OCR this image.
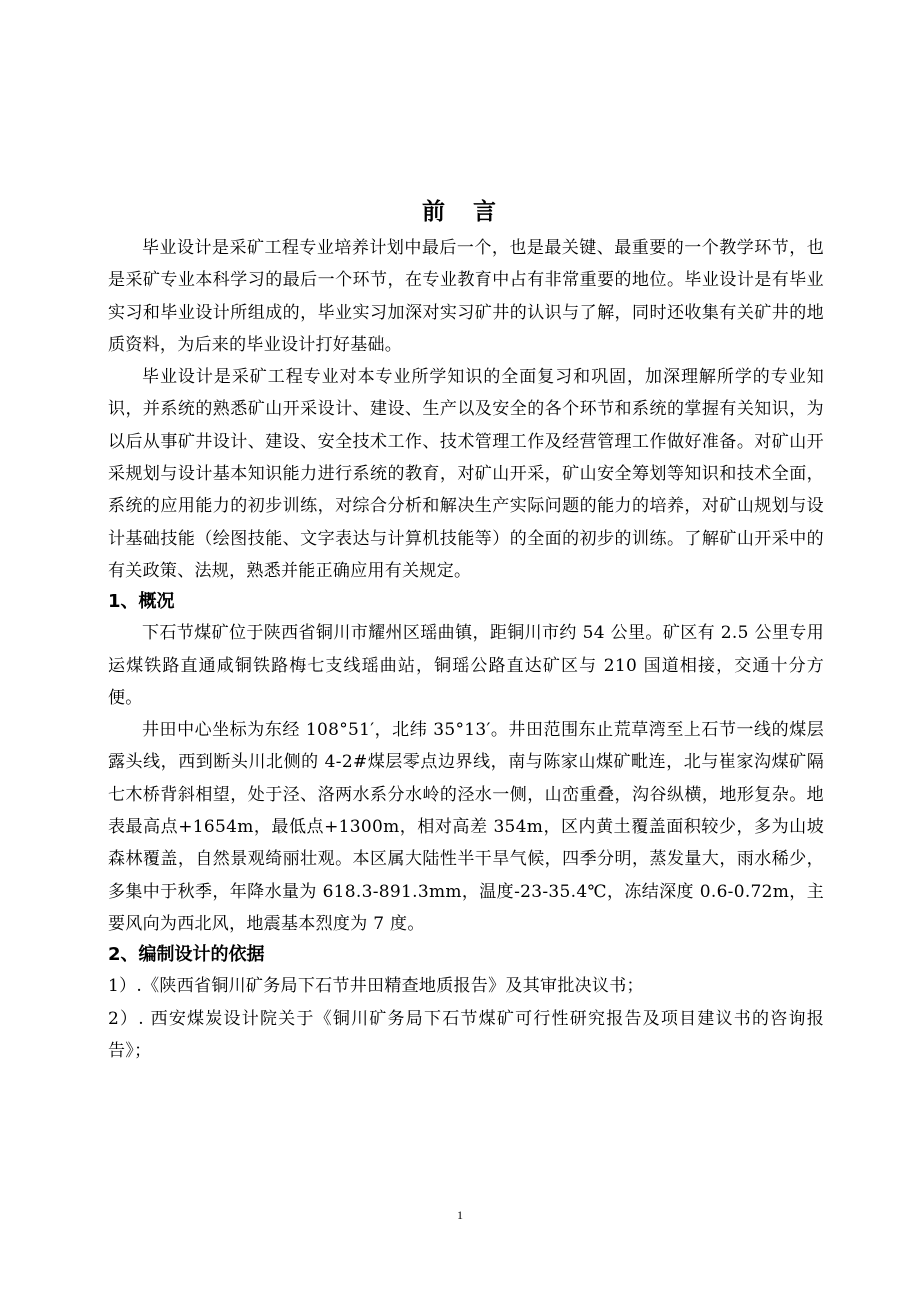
前 言

毕业设计是采矿工程专业培养计划中最后一个，也是最关键、最重要的一个教学环节，也是采矿专业本科学习的最后一个环节，在专业教育中占有非常重要的地位。毕业设计是有毕业实习和毕业设计所组成的，毕业实习加深对实习矿井的认识与了解，同时还收集有关矿井的地质资料，为后来的毕业设计打好基础。

毕业设计是采矿工程专业对本专业所学知识的全面复习和巩固，加深理解所学的专业知识，并系统的熟悉矿山开采设计、建设、生产以及安全的各个环节和系统的掌握有关知识，为以后从事矿井设计、建设、安全技术工作、技术管理工作及经营管理工作做好准备。对矿山开采规划与设计基本知识能力进行系统的教育，对矿山开采，矿山安全筹划等知识和技术全面，系统的应用能力的初步训练，对综合分析和解决生产实际问题的能力的培养，对矿山规划与设计基础技能（绘图技能、文字表达与计算机技能等）的全面的初步的训练。了解矿山开采中的有关政策、法规，熟悉并能正确应用有关规定。

1、概况

下石节煤矿位于陕西省铜川市耀州区瑶曲镇，距铜川市约 54 公里。矿区有 2.5 公里专用运煤铁路直通咸铜铁路梅七支线瑶曲站，铜瑶公路直达矿区与 210 国道相接，交通十分方便。

井田中心坐标为东经 108°51′，北纬 35°13′。井田范围东止荒草湾至上石节一线的煤层露头线，西到断头川北侧的 4-2#煤层零点边界线，南与陈家山煤矿毗连，北与崔家沟煤矿隔七木桥背斜相望，处于泾、洛两水系分水岭的泾水一侧，山峦重叠，沟谷纵横，地形复杂。地表最高点+1654m，最低点+1300m，相对高差 354m，区内黄土覆盖面积较少，多为山坡森林覆盖，自然景观绮丽壮观。本区属大陆性半干旱气候，四季分明，蒸发量大，雨水稀少，多集中于秋季，年降水量为 618.3-891.3mm，温度-23-35.4℃，冻结深度 0.6-0.72m，主要风向为西北风，地震基本烈度为 7 度。

2、编制设计的依据

1）.《陕西省铜川矿务局下石节井田精查地质报告》及其审批决议书；

2）. 西安煤炭设计院关于《铜川矿务局下石节煤矿可行性研究报告及项目建议书的咨询报告》；

1
